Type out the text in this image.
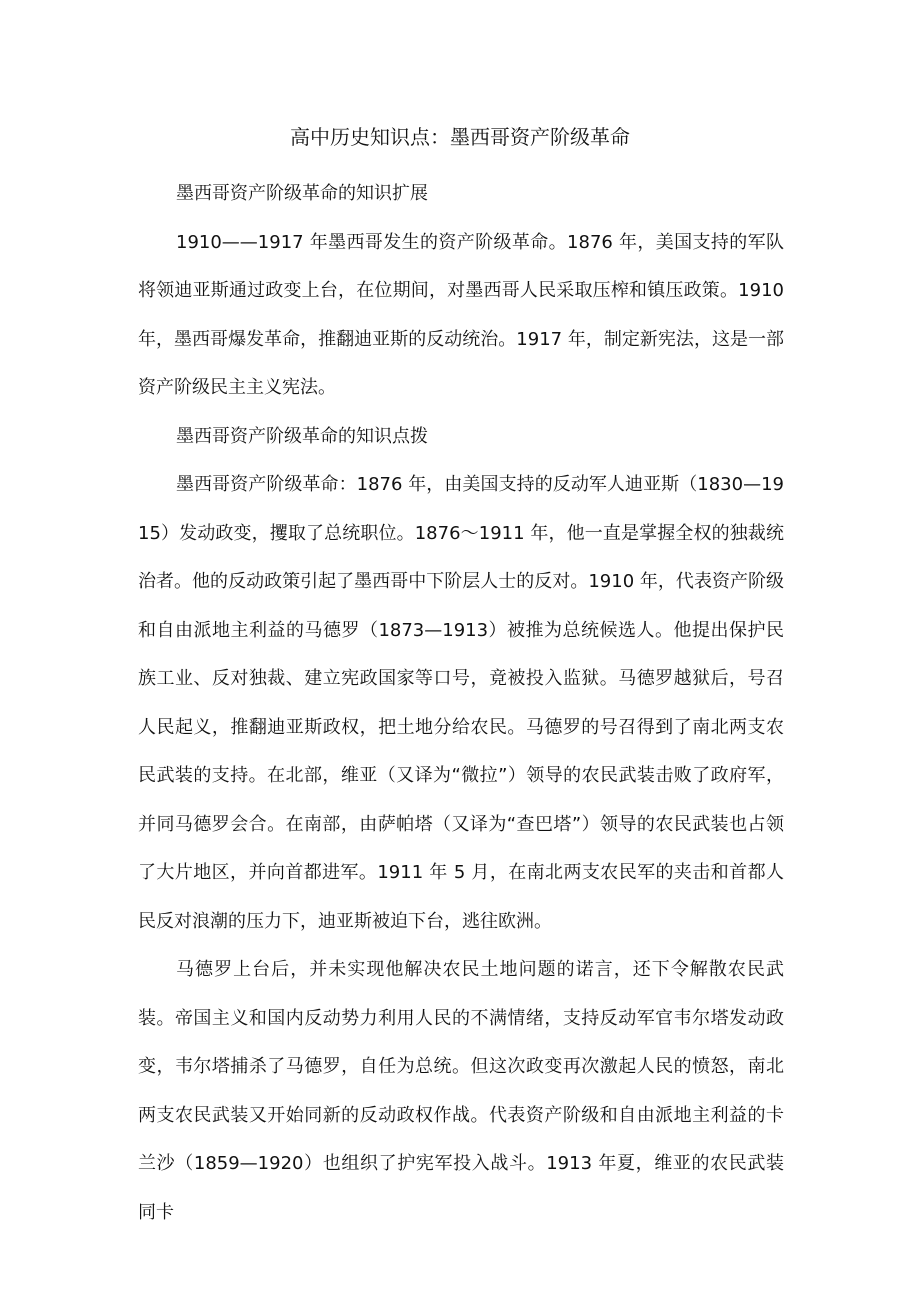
高中历史知识点：墨西哥资产阶级革命

墨西哥资产阶级革命的知识扩展

1910——1917 年墨西哥发生的资产阶级革命。1876 年，美国支持的军队将领迪亚斯通过政变上台，在位期间，对墨西哥人民采取压榨和镇压政策。1910 年，墨西哥爆发革命，推翻迪亚斯的反动统治。1917 年，制定新宪法，这是一部资产阶级民主主义宪法。

墨西哥资产阶级革命的知识点拨

墨西哥资产阶级革命：1876 年，由美国支持的反动军人迪亚斯（1830—1915）发动政变，攫取了总统职位。1876～1911 年，他一直是掌握全权的独裁统治者。他的反动政策引起了墨西哥中下阶层人士的反对。1910 年，代表资产阶级和自由派地主利益的马德罗（1873—1913）被推为总统候选人。他提出保护民族工业、反对独裁、建立宪政国家等口号，竟被投入监狱。马德罗越狱后，号召人民起义，推翻迪亚斯政权，把土地分给农民。马德罗的号召得到了南北两支农民武装的支持。在北部，维亚（又译为“微拉”）领导的农民武装击败了政府军，并同马德罗会合。在南部，由萨帕塔（又译为“查巴塔”）领导的农民武装也占领了大片地区，并向首都进军。1911 年 5 月，在南北两支农民军的夹击和首都人民反对浪潮的压力下，迪亚斯被迫下台，逃往欧洲。

马德罗上台后，并未实现他解决农民土地问题的诺言，还下令解散农民武装。帝国主义和国内反动势力利用人民的不满情绪，支持反动军官韦尔塔发动政变，韦尔塔捕杀了马德罗，自任为总统。但这次政变再次激起人民的愤怒，南北两支农民武装又开始同新的反动政权作战。代表资产阶级和自由派地主利益的卡兰沙（1859—1920）也组织了护宪军投入战斗。1913 年夏，维亚的农民武装同卡
